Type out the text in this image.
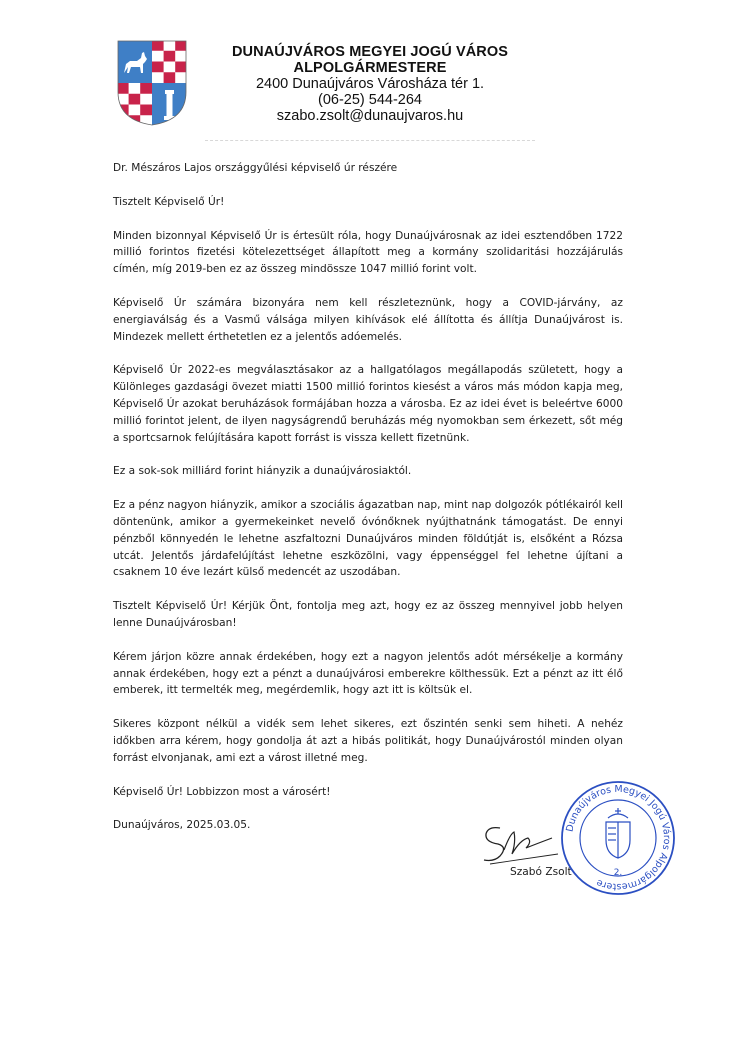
DUNAÚJVÁROS MEGYEI JOGÚ VÁROS
ALPOLGÁRMESTERE
2400 Dunaújváros Városháza tér 1.
(06-25) 544-264
szabo.zsolt@dunaujvaros.hu

Dr. Mészáros Lajos országgyűlési képviselő úr részére

Tisztelt Képviselő Úr!

Minden bizonnyal Képviselő Úr is értesült róla, hogy Dunaújvárosnak az idei esztendőben 1722 millió forintos fizetési kötelezettséget állapított meg a kormány szolidaritási hozzájárulás címén, míg 2019-ben ez az összeg mindössze 1047 millió forint volt.

Képviselő Úr számára bizonyára nem kell részleteznünk, hogy a COVID-járvány, az energiaválság és a Vasmű válsága milyen kihívások elé állította és állítja Dunaújvárost is. Mindezek mellett érthetetlen ez a jelentős adóemelés.

Képviselő Úr 2022-es megválasztásakor az a hallgatólagos megállapodás született, hogy a Különleges gazdasági övezet miatti 1500 millió forintos kiesést a város más módon kapja meg, Képviselő Úr azokat beruházások formájában hozza a városba. Ez az idei évet is beleértve 6000 millió forintot jelent, de ilyen nagyságrendű beruházás még nyomokban sem érkezett, sőt még a sportcsarnok felújítására kapott forrást is vissza kellett fizetnünk.

Ez a sok-sok milliárd forint hiányzik a dunaújvárosiaktól.

Ez a pénz nagyon hiányzik, amikor a szociális ágazatban nap, mint nap dolgozók pótlékairól kell döntenünk, amikor a gyermekeinket nevelő óvónőknek nyújthatnánk támogatást. De ennyi pénzből könnyedén le lehetne aszfaltozni Dunaújváros minden földútját is, elsőként a Rózsa utcát. Jelentős járdafelújítást lehetne eszközölni, vagy éppenséggel fel lehetne újítani a csaknem 10 éve lezárt külső medencét az uszodában.

Tisztelt Képviselő Úr! Kérjük Önt, fontolja meg azt, hogy ez az összeg mennyivel jobb helyen lenne Dunaújvárosban!

Kérem járjon közre annak érdekében, hogy ezt a nagyon jelentős adót mérsékelje a kormány annak érdekében, hogy ezt a pénzt a dunaújvárosi emberekre költhessük. Ezt a pénzt az itt élő emberek, itt termelték meg, megérdemlik, hogy azt itt is költsük el.

Sikeres központ nélkül a vidék sem lehet sikeres, ezt őszintén senki sem hiheti. A nehéz időkben arra kérem, hogy gondolja át azt a hibás politikát, hogy Dunaújvárostól minden olyan forrást elvonjanak, ami ezt a várost illetné meg.

Képviselő Úr! Lobbizzon most a városért!

Dunaújváros, 2025.03.05.

Szabó Zsolt
Dunaújváros Megyei Jogú Város Alpolgármestere
2.
